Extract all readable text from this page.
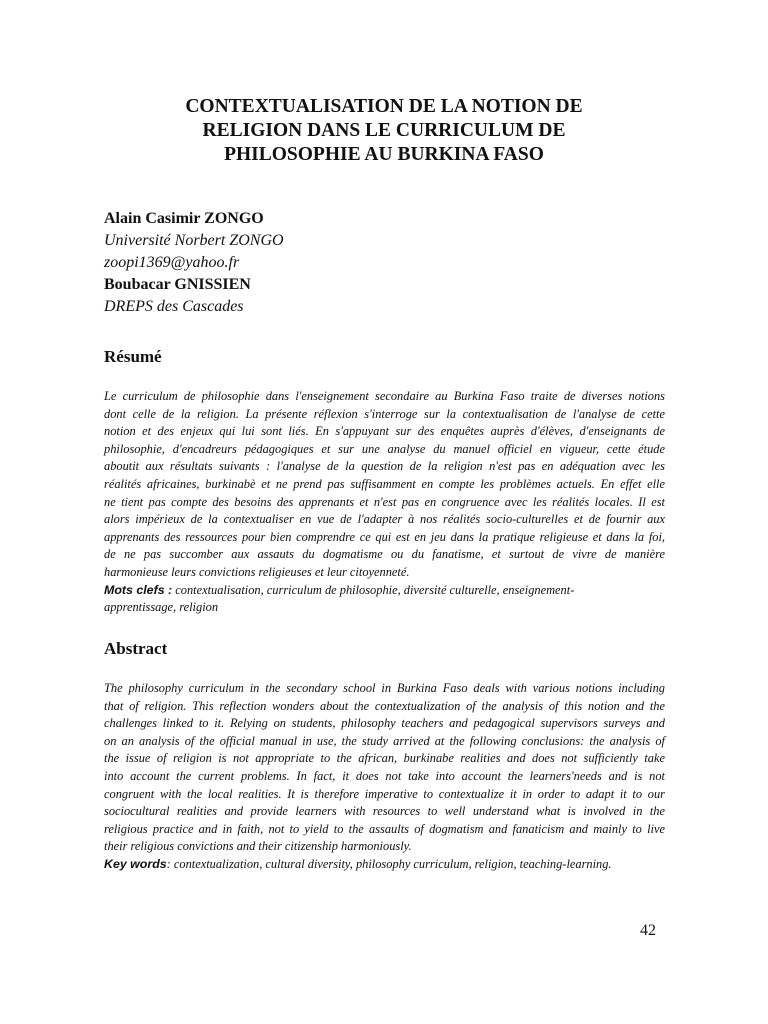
CONTEXTUALISATION DE LA NOTION DE
RELIGION DANS LE CURRICULUM DE
PHILOSOPHIE AU BURKINA FASO
Alain Casimir ZONGO
Université Norbert ZONGO
zoopi1369@yahoo.fr
Boubacar GNISSIEN
DREPS des Cascades
Résumé
Le curriculum de philosophie dans l'enseignement secondaire au Burkina Faso traite de diverses notions
dont celle de la religion. La présente réflexion s'interroge sur la contextualisation de l'analyse de cette
notion et des enjeux qui lui sont liés. En s'appuyant sur des enquêtes auprès d'élèves, d'enseignants de
philosophie, d'encadreurs pédagogiques et sur une analyse du manuel officiel en vigueur, cette étude
aboutit aux résultats suivants : l'analyse de la question de la religion n'est pas en adéquation avec les
réalités africaines, burkinabè et ne prend pas suffisamment en compte les problèmes actuels. En effet elle
ne tient pas compte des besoins des apprenants et n'est pas en congruence avec les réalités locales. Il est
alors impérieux de la contextualiser en vue de l'adapter à nos réalités socio-culturelles et de fournir aux
apprenants des ressources pour bien comprendre ce qui est en jeu dans la pratique religieuse et dans la foi,
de ne pas succomber aux assauts du dogmatisme ou du fanatisme, et surtout de vivre de manière
harmonieuse leurs convictions religieuses et leur citoyenneté.
Mots clefs : contextualisation, curriculum de philosophie, diversité culturelle, enseignement-
apprentissage, religion
Abstract
The philosophy curriculum in the secondary school in Burkina Faso deals with various notions including
that of religion. This reflection wonders about the contextualization of the analysis of this notion and the
challenges linked to it. Relying on students, philosophy teachers and pedagogical supervisors surveys and
on an analysis of the official manual in use, the study arrived at the following conclusions: the analysis of
the issue of religion is not appropriate to the african, burkinabe realities and does not sufficiently take
into account the current problems. In fact, it does not take into account the learners'needs and is not
congruent with the local realities. It is therefore imperative to contextualize it in order to adapt it to our
sociocultural realities and provide learners with resources to well understand what is involved in the
religious practice and in faith, not to yield to the assaults of dogmatism and fanaticism and mainly to live
their religious convictions and their citizenship harmoniously.
Key words: contextualization, cultural diversity, philosophy curriculum, religion, teaching-learning.
42
